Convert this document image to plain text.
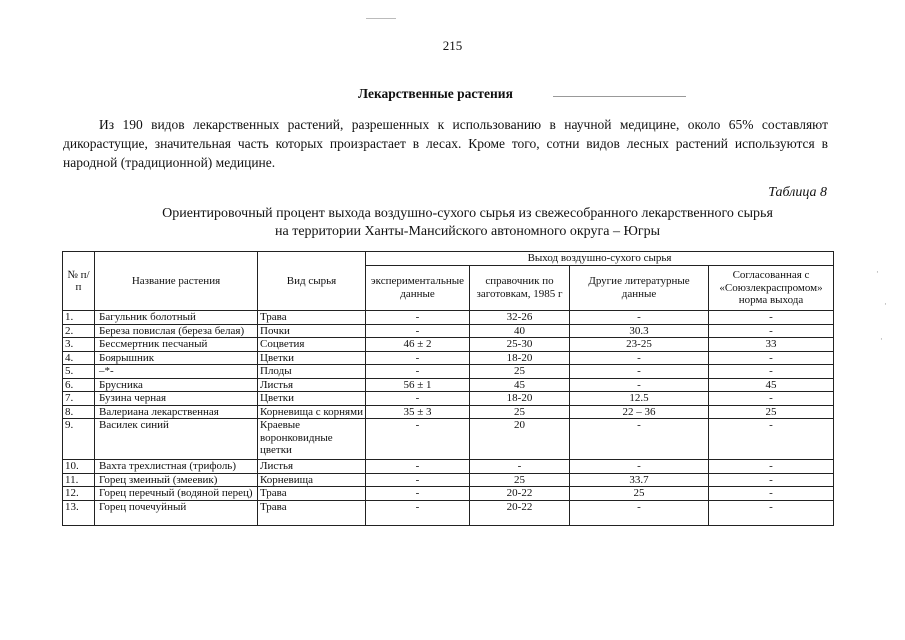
215
Лекарственные растения
Из 190 видов лекарственных растений, разрешенных к использованию в научной медицине, около 65% составляют дикорастущие, значительная часть которых произрастает в лесах. Кроме того, сотни видов лесных растений используются в народной (традиционной) медицине.
Таблица 8
Ориентировочный процент выхода воздушно-сухого сырья из свежесобранного лекарственного сырья
на территории Ханты-Мансийского автономного округа – Югры
№ п/п	Название растения	Вид сырья	Выход воздушно-сухого сырья			
			экспериментальные данные	справочник по заготовкам, 1985 г	Другие литературные данные	Согласованная с «Союзлекраспромом» норма выхода
1.	Багульник болотный	Трава	-	32-26	-	-
2.	Береза повислая (береза белая)	Почки	-	40	30.3	-
3.	Бессмертник песчаный	Соцветия	46 ± 2	25-30	23-25	33
4.	Боярышник	Цветки	-	18-20	-	-
5.	–*-	Плоды	-	25	-	-
6.	Брусника	Листья	56 ± 1	45	-	45
7.	Бузина черная	Цветки	-	18-20	12.5	-
8.	Валериана лекарственная	Корневища с корнями	35 ± 3	25	22 – 36	25
9.	Василек синий	Краевые воронковидные цветки	-	20	-	-
10.	Вахта трехлистная (трифоль)	Листья	-	-	-	-
11.	Горец змеиный (змеевик)	Корневища	-	25	33.7	-
12.	Горец перечный (водяной перец)	Трава	-	20-22	25	-
13.	Горец почечуйный	Трава	-	20-22	-	-
·
·
·
